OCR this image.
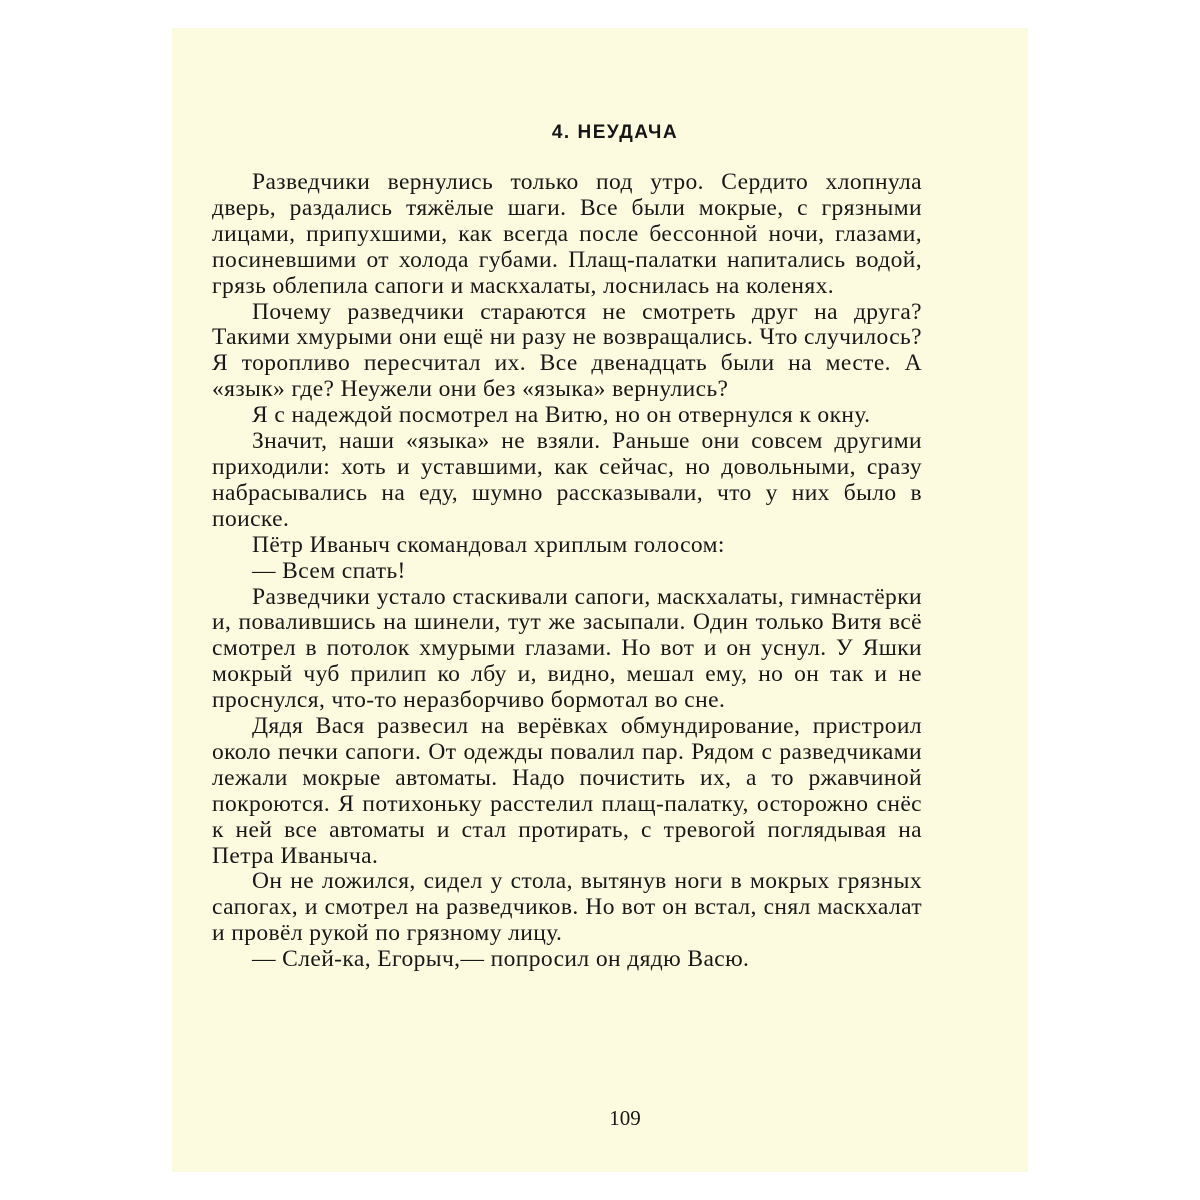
4. НЕУДАЧА

Разведчики вернулись только под утро. Сердито хлопнула дверь, раздались тяжёлые шаги. Все были мокрые, с грязными лицами, припухшими, как всегда после бессонной ночи, глазами, посиневшими от холода губами. Плащ-палатки напитались водой, грязь облепила сапоги и маскхалаты, лоснилась на коленях.

Почему разведчики стараются не смотреть друг на друга? Такими хмурыми они ещё ни разу не возвращались. Что случилось? Я торопливо пересчитал их. Все двенадцать были на месте. А «язык» где? Неужели они без «языка» вернулись?

Я с надеждой посмотрел на Витю, но он отвернулся к окну.

Значит, наши «языка» не взяли. Раньше они совсем другими приходили: хоть и уставшими, как сейчас, но довольными, сразу набрасывались на еду, шумно рассказывали, что у них было в поиске.

Пётр Иваныч скомандовал хриплым голосом:

— Всем спать!

Разведчики устало стаскивали сапоги, маскхалаты, гимнастёрки и, повалившись на шинели, тут же засыпали. Один только Витя всё смотрел в потолок хмурыми глазами. Но вот и он уснул. У Яшки мокрый чуб прилип ко лбу и, видно, мешал ему, но он так и не проснулся, что-то неразборчиво бормотал во сне.

Дядя Вася развесил на верёвках обмундирование, пристроил около печки сапоги. От одежды повалил пар. Рядом с разведчиками лежали мокрые автоматы. Надо почистить их, а то ржавчиной покроются. Я потихоньку расстелил плащ-палатку, осторожно снёс к ней все автоматы и стал протирать, с тревогой поглядывая на Петра Иваныча.

Он не ложился, сидел у стола, вытянув ноги в мокрых грязных сапогах, и смотрел на разведчиков. Но вот он встал, снял маскхалат и провёл рукой по грязному лицу.

— Слей-ка, Егорыч,— попросил он дядю Васю.

109
